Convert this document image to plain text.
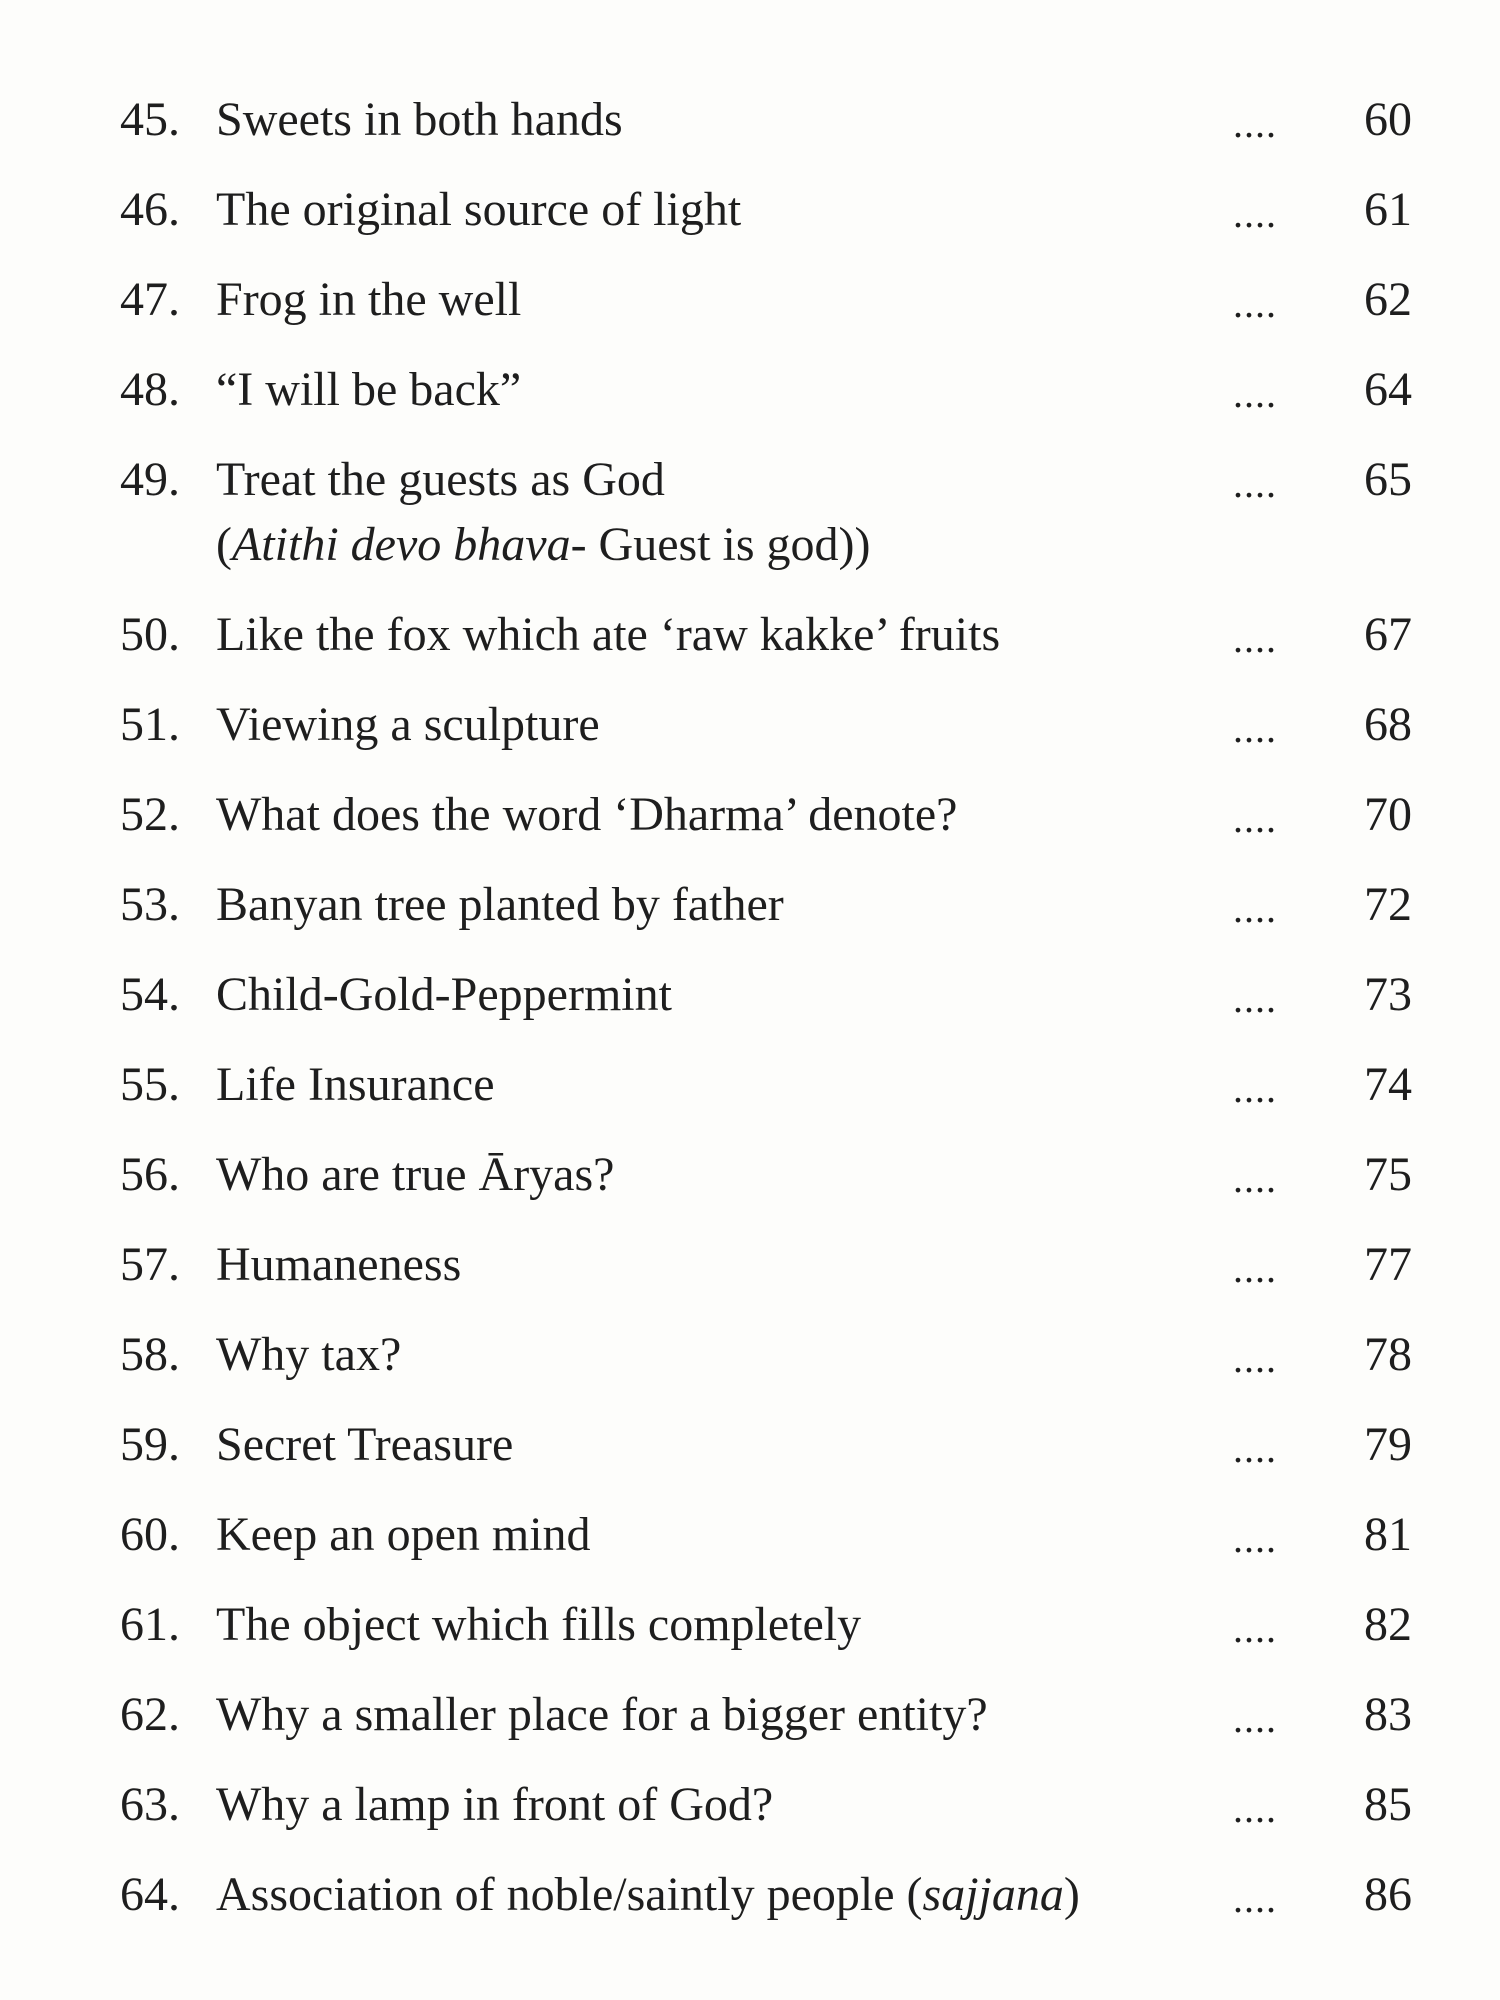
45. Sweets in both hands	....	60
46. The original source of light	....	61
47. Frog in the well	....	62
48. “I will be back”	....	64
49. Treat the guests as God
(Atithi devo bhava- Guest is god))
....	65
50. Like the fox which ate ‘raw kakke’ fruits	....	67
51. Viewing a sculpture	....	68
52. What does the word ‘Dharma’ denote?	....	70
53. Banyan tree planted by father	....	72
54. Child-Gold-Peppermint	....	73
55. Life Insurance	....	74
56. Who are true Āryas?	....	75
57. Humaneness	....	77
58. Why tax?	....	78
59. Secret Treasure	....	79
60. Keep an open mind	....	81
61. The object which fills completely	....	82
62. Why a smaller place for a bigger entity?	....	83
63. Why a lamp in front of God?	....	85
64. Association of noble/saintly people (sajjana)	....	86
